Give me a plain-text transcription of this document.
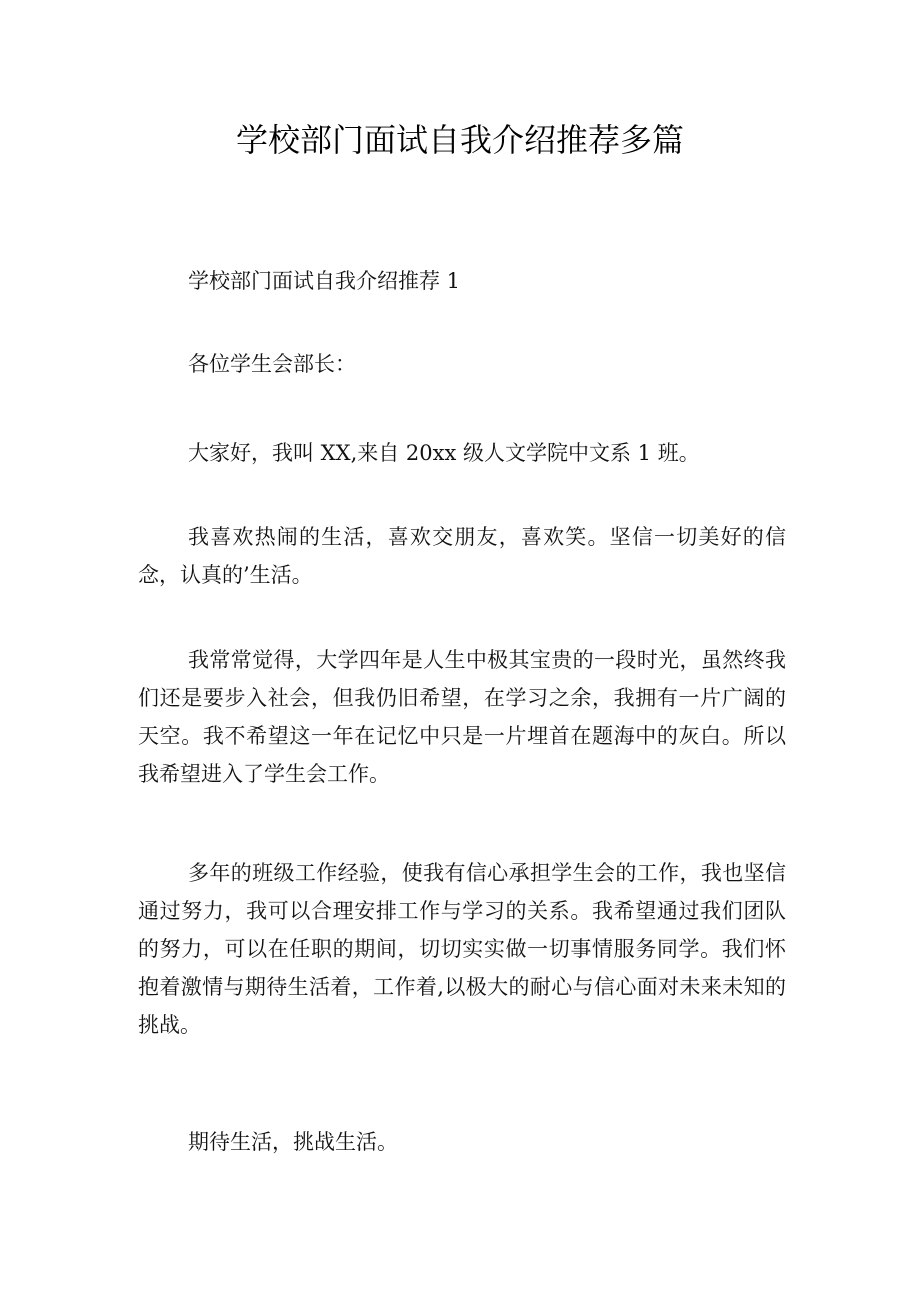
学校部门面试自我介绍推荐多篇

学校部门面试自我介绍推荐 1

各位学生会部长：

大家好，我叫 XX,来自 20xx 级人文学院中文系 1 班。

我喜欢热闹的生活，喜欢交朋友，喜欢笑。坚信一切美好的信念，认真的’生活。

我常常觉得，大学四年是人生中极其宝贵的一段时光，虽然终我们还是要步入社会，但我仍旧希望，在学习之余，我拥有一片广阔的天空。我不希望这一年在记忆中只是一片埋首在题海中的灰白。所以我希望进入了学生会工作。

多年的班级工作经验，使我有信心承担学生会的工作，我也坚信通过努力，我可以合理安排工作与学习的关系。我希望通过我们团队的努力，可以在任职的期间，切切实实做一切事情服务同学。我们怀抱着激情与期待生活着，工作着,以极大的耐心与信心面对未来未知的挑战。

期待生活，挑战生活。
